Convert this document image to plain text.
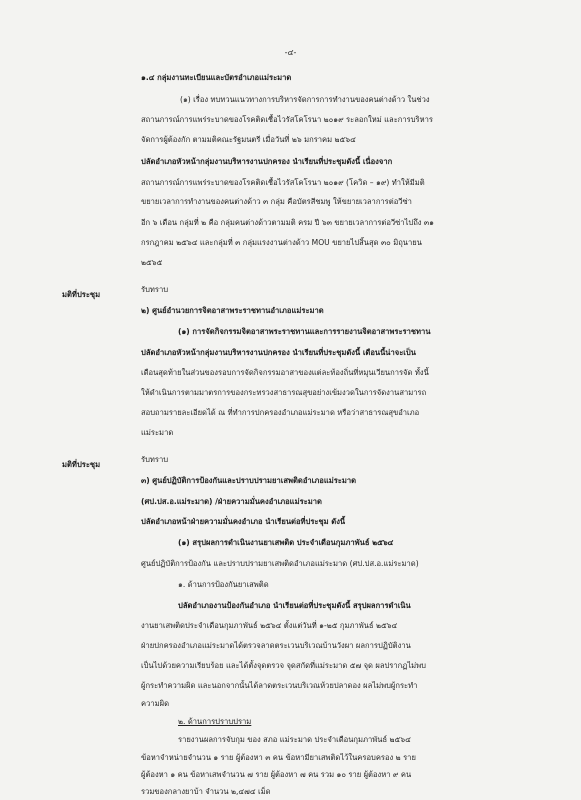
-๔-
๑.๔ กลุ่มงานทะเบียนและบัตรอำเภอแม่ระมาด
(๑) เรื่อง ทบทวนแนวทางการบริหารจัดการการทำงานของคนต่างด้าว ในช่วง
สถานการณ์การแพร่ระบาดของโรคติดเชื้อไวรัสโคโรนา ๒๐๑๙ ระลอกใหม่ และการบริหาร
จัดการผู้ต้องกัก ตามมติคณะรัฐมนตรี เมื่อวันที่ ๒๖ มกราคม ๒๕๖๔
ปลัดอำเภอหัวหน้ากลุ่มงานบริหารงานปกครอง นำเรียนที่ประชุมดังนี้ เนื่องจาก
สถานการณ์การแพร่ระบาดของโรคติดเชื้อไวรัสโคโรนา ๒๐๑๙ (โควิด – ๑๙) ทำให้มีมติ
ขยายเวลาการทำงานของคนต่างด้าว ๓ กลุ่ม คือบัตรสีชมพู ให้ขยายเวลาการต่อวีซ่า
อีก ๖ เดือน กลุ่มที่ ๒ คือ กลุ่มคนต่างด้าวตามมติ ครม ปี ๖๓ ขยายเวลาการต่อวีซ่าไปถึง ๓๑
กรกฎาคม ๒๕๖๔ และกลุ่มที่ ๓ กลุ่มแรงงานต่างด้าว MOU ขยายไปสิ้นสุด ๓๐ มิถุนายน
๒๕๖๕
มติที่ประชุม
รับทราบ
๒) ศูนย์อำนวยการจิตอาสาพระราชทานอำเภอแม่ระมาด
(๑) การจัดกิจกรรมจิตอาสาพระราชทานและการรายงานจิตอาสาพระราชทาน
ปลัดอำเภอหัวหน้ากลุ่มงานบริหารงานปกครอง นำเรียนที่ประชุมดังนี้ เดือนนี้น่าจะเป็น
เดือนสุดท้ายในส่วนของรอบการจัดกิจกรรมอาสาของแต่ละท้องถิ่นที่หมุนเวียนการจัด ทั้งนี้
ให้ดำเนินการตามมาตรการของกระทรวงสาธารณสุขอย่างเข้มงวดในการจัดงานสามารถ
สอบถามรายละเอียดได้ ณ ที่ทำการปกครองอำเภอแม่ระมาด หรือว่าสาธารณสุขอำเภอ
แม่ระมาด
มติที่ประชุม
รับทราบ
๓) ศูนย์ปฏิบัติการป้องกันและปราบปรามยาเสพติดอำเภอแม่ระมาด
(ศป.ปส.อ.แม่ระมาด) /ฝ่ายความมั่นคงอำเภอแม่ระมาด
ปลัดอำเภอหน้าฝ่ายความมั่นคงอำเภอ นำเรียนต่อที่ประชุม ดังนี้
(๑) สรุปผลการดำเนินงานยาเสพติด ประจำเดือนกุมภาพันธ์ ๒๕๖๔
ศูนย์ปฏิบัติการป้องกัน และปราบปรามยาเสพติดอำเภอแม่ระมาด (ศป.ปส.อ.แม่ระมาด)
๑. ด้านการป้องกันยาเสพติด
ปลัดอำเภองานป้องกันอำเภอ นำเรียนต่อที่ประชุมดังนี้ สรุปผลการดำเนิน
งานยาเสพติดประจำเดือนกุมภาพันธ์ ๒๕๖๔ ตั้งแต่วันที่ ๑-๒๕ กุมภาพันธ์ ๒๕๖๔
ฝ่ายปกครองอำเภอแม่ระมาดได้ตรวจลาดตระเวนบริเวณบ้านวังผา ผลการปฏิบัติงาน
เป็นไปด้วยความเรียบร้อย และได้ตั้งจุดตรวจ จุดสกัดที่แม่ระมาด ๕๗ จุด ผลปรากฏไม่พบ
ผู้กระทำความผิด และนอกจากนั้นได้ลาดตระเวนบริเวณห้วยปลาดอง ผลไม่พบผู้กระทำ
ความผิด
๒. ด้านการปราบปราม
รายงานผลการจับกุม ของ สภอ แม่ระมาด ประจำเดือนกุมภาพันธ์ ๒๕๖๔
ข้อหาจำหน่ายจำนวน ๑ ราย ผู้ต้องหา ๓ คน ข้อหามียาเสพติดไว้ในครอบครอง ๒ ราย
ผู้ต้องหา ๑ คน ข้อหาเสพจำนวน ๗ ราย ผู้ต้องหา ๗ คน รวม ๑๐ ราย ผู้ต้องหา ๙ คน
รวมของกลางยาบ้า จำนวน ๒,๔๗๔ เม็ด
